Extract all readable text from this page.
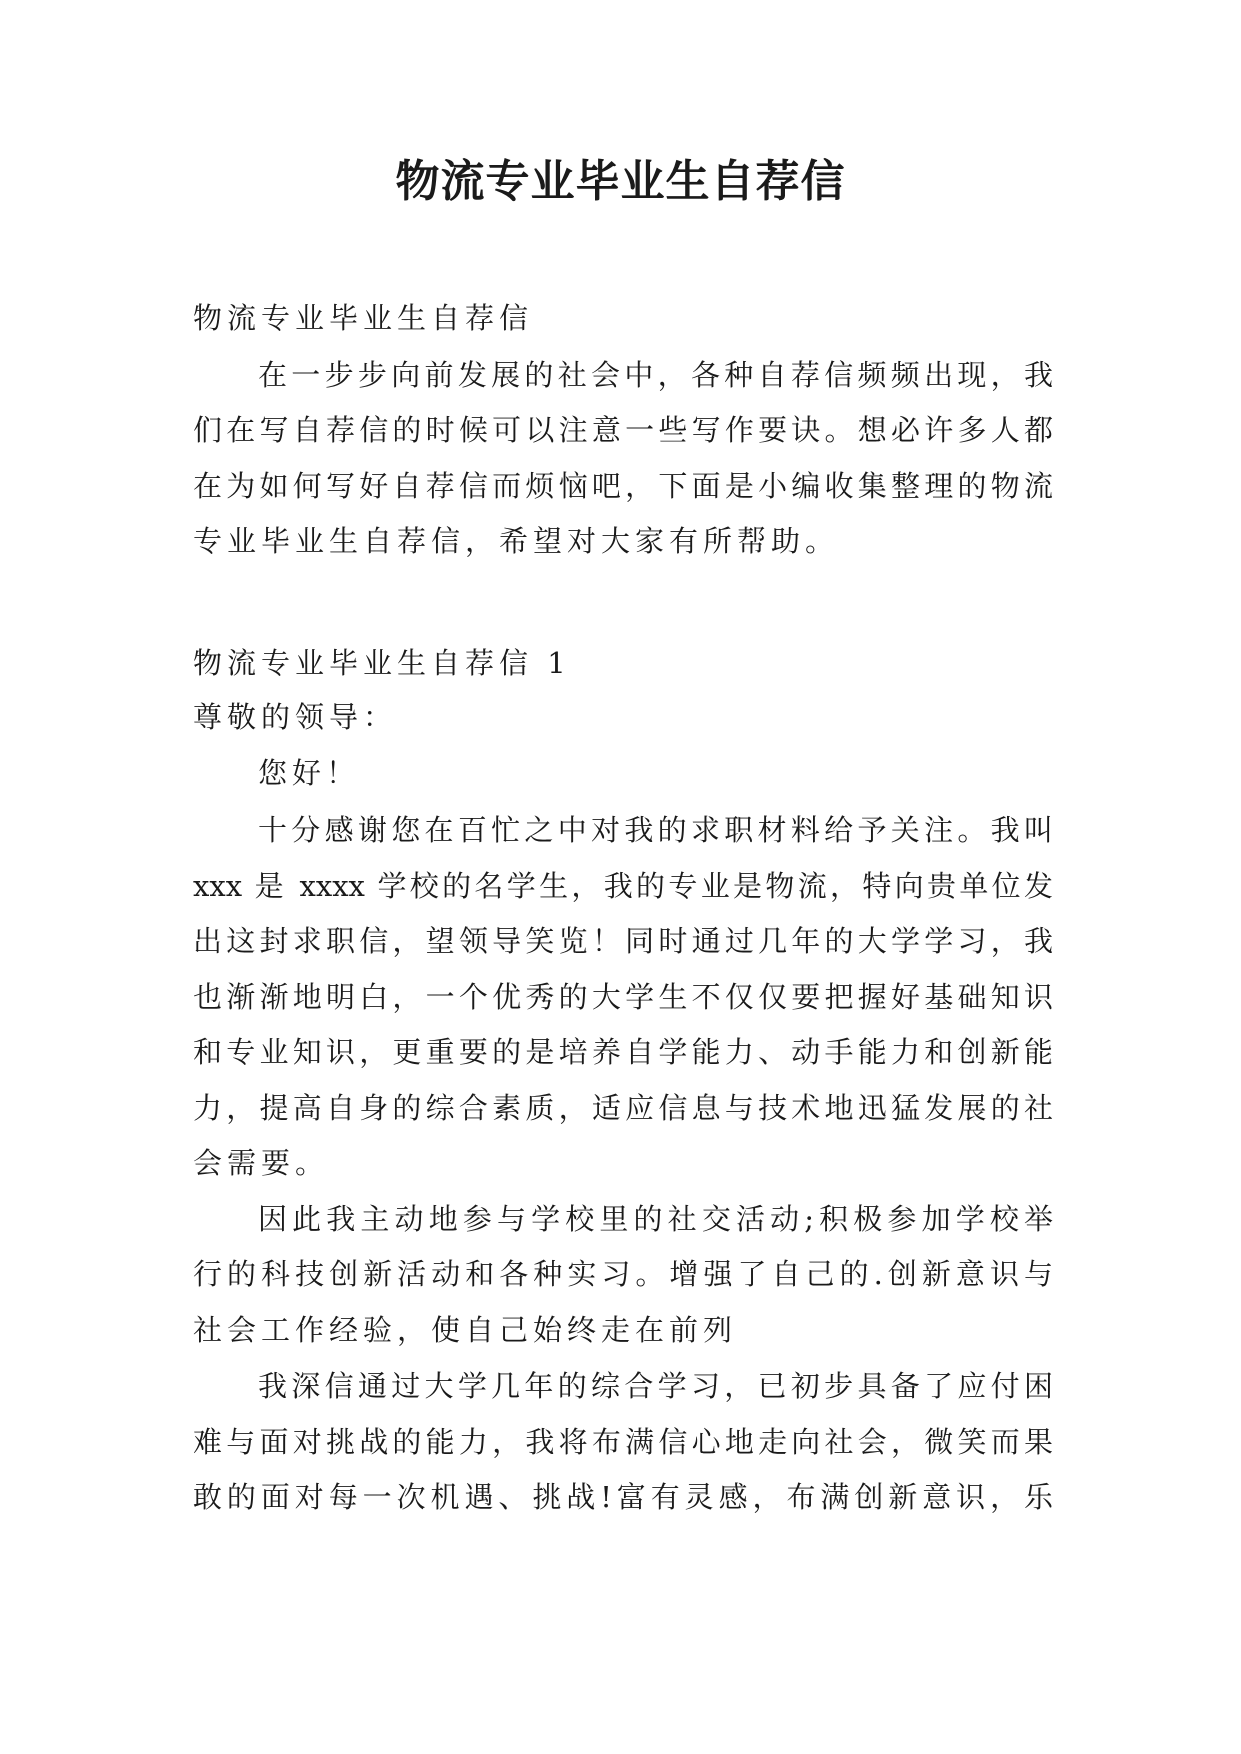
物流专业毕业生自荐信
物流专业毕业生自荐信
在一步步向前发展的社会中，各种自荐信频频出现，我
们在写自荐信的时候可以注意一些写作要诀。想必许多人都
在为如何写好自荐信而烦恼吧，下面是小编收集整理的物流
专业毕业生自荐信，希望对大家有所帮助。
物流专业毕业生自荐信 1
尊敬的领导：
您好！
十分感谢您在百忙之中对我的求职材料给予关注。我叫
xxx 是 xxxx 学校的名学生，我的专业是物流，特向贵单位发
出这封求职信，望领导笑览！同时通过几年的大学学习，我
也渐渐地明白，一个优秀的大学生不仅仅要把握好基础知识
和专业知识，更重要的是培养自学能力、动手能力和创新能
力，提高自身的综合素质，适应信息与技术地迅猛发展的社
会需要。
因此我主动地参与学校里的社交活动;积极参加学校举
行的科技创新活动和各种实习。增强了自己的.创新意识与
社会工作经验，使自己始终走在前列
我深信通过大学几年的综合学习，已初步具备了应付困
难与面对挑战的能力，我将布满信心地走向社会，微笑而果
敢的面对每一次机遇、挑战!富有灵感，布满创新意识，乐
